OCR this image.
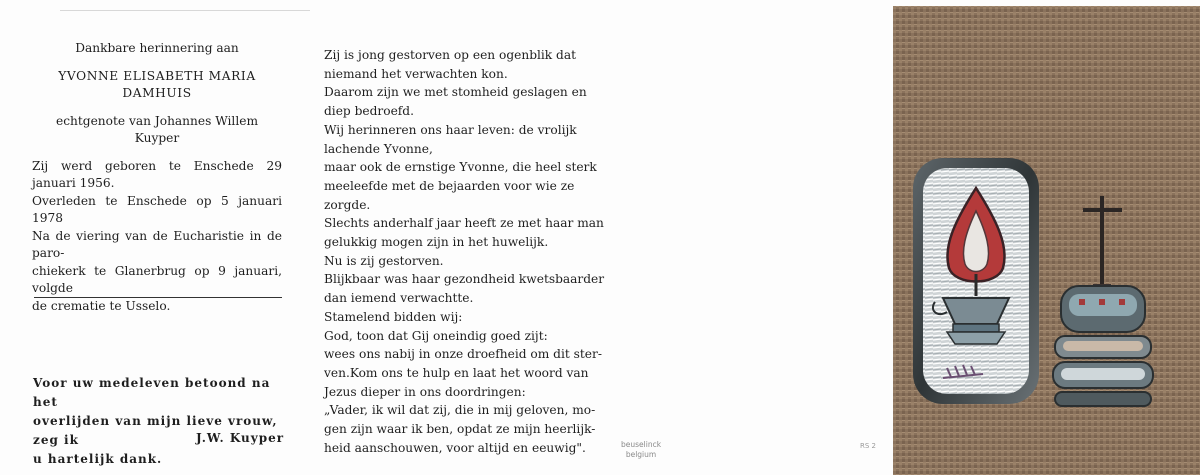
Dankbare herinnering aan
YVONNE ELISABETH MARIA DAMHUIS
echtgenote van Johannes Willem Kuyper
Zij werd geboren te Enschede 29 januari 1956.
Overleden te Enschede op 5 januari 1978
Na de viering van de Eucharistie in de paro-
chiekerk te Glanerbrug op 9 januari, volgde
de crematie te Usselo.
Voor uw medeleven betoond na het
overlijden van mijn lieve vrouw, zeg ik
u hartelijk dank.
J.W. Kuyper
Zij is jong gestorven op een ogenblik dat
niemand het verwachten kon.
Daarom zijn we met stomheid geslagen en
diep bedroefd.
Wij herinneren ons haar leven: de vrolijk
lachende Yvonne,
maar ook de ernstige Yvonne, die heel sterk
meeleefde met de bejaarden voor wie ze
zorgde.
Slechts anderhalf jaar heeft ze met haar man
gelukkig mogen zijn in het huwelijk.
Nu is zij gestorven.
Blijkbaar was haar gezondheid kwetsbaarder
dan iemend verwachtte.
Stamelend bidden wij:
God, toon dat Gij oneindig goed zijt:
wees ons nabij in onze droefheid om dit ster-
ven.Kom ons te hulp en laat het woord van
Jezus dieper in ons doordringen:
„Vader, ik wil dat zij, die in mij geloven, mo-
gen zijn waar ik ben, opdat ze mijn heerlijk-
heid aanschouwen, voor altijd en eeuwig".	beuselinck
belgium
RS 2
